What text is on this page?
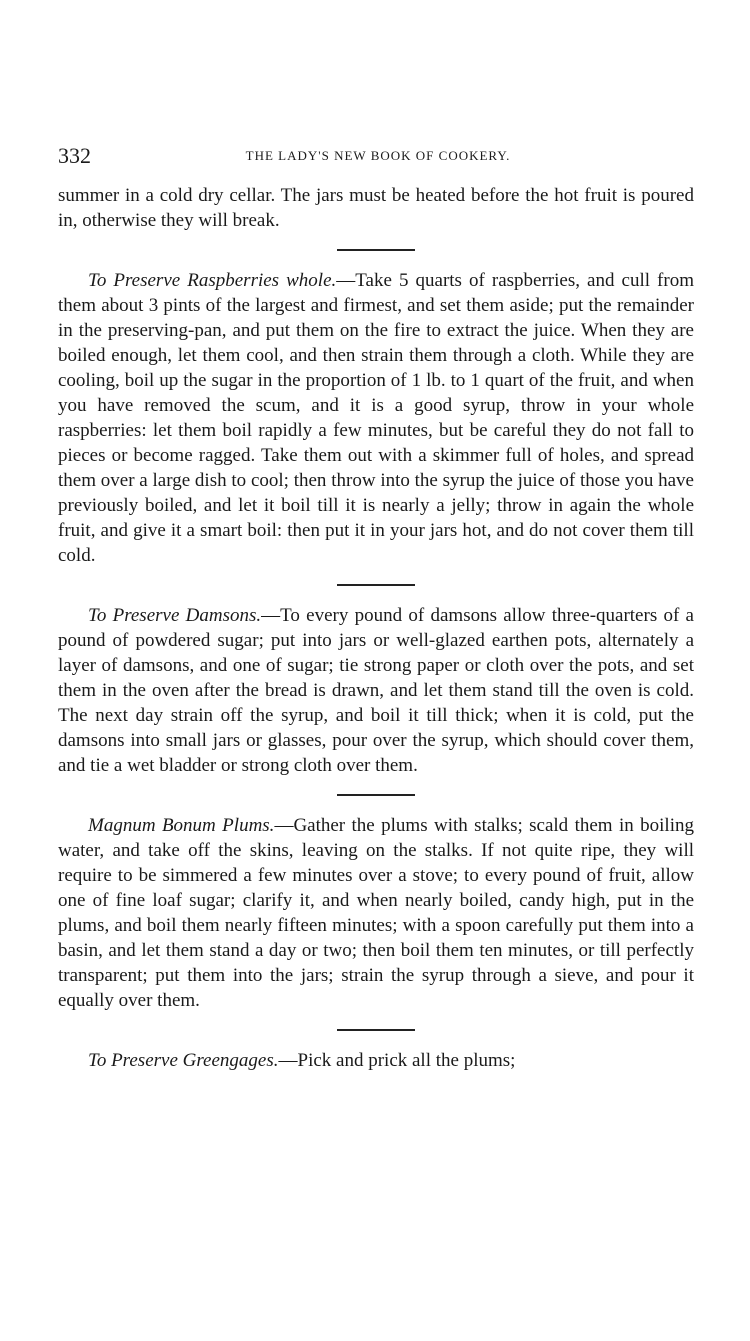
332	THE LADY'S NEW BOOK OF COOKERY.

summer in a cold dry cellar. The jars must be heated before the hot fruit is poured in, otherwise they will break.

To Preserve Raspberries whole.—Take 5 quarts of raspberries, and cull from them about 3 pints of the largest and firmest, and set them aside; put the remainder in the preserving-pan, and put them on the fire to extract the juice. When they are boiled enough, let them cool, and then strain them through a cloth. While they are cooling, boil up the sugar in the proportion of 1 lb. to 1 quart of the fruit, and when you have removed the scum, and it is a good syrup, throw in your whole raspberries: let them boil rapidly a few minutes, but be careful they do not fall to pieces or become ragged. Take them out with a skimmer full of holes, and spread them over a large dish to cool; then throw into the syrup the juice of those you have previously boiled, and let it boil till it is nearly a jelly; throw in again the whole fruit, and give it a smart boil: then put it in your jars hot, and do not cover them till cold.

To Preserve Damsons.—To every pound of damsons allow three-quarters of a pound of powdered sugar; put into jars or well-glazed earthen pots, alternately a layer of damsons, and one of sugar; tie strong paper or cloth over the pots, and set them in the oven after the bread is drawn, and let them stand till the oven is cold. The next day strain off the syrup, and boil it till thick; when it is cold, put the damsons into small jars or glasses, pour over the syrup, which should cover them, and tie a wet bladder or strong cloth over them.

Magnum Bonum Plums.—Gather the plums with stalks; scald them in boiling water, and take off the skins, leaving on the stalks. If not quite ripe, they will require to be simmered a few minutes over a stove; to every pound of fruit, allow one of fine loaf sugar; clarify it, and when nearly boiled, candy high, put in the plums, and boil them nearly fifteen minutes; with a spoon carefully put them into a basin, and let them stand a day or two; then boil them ten minutes, or till perfectly transparent; put them into the jars; strain the syrup through a sieve, and pour it equally over them.

To Preserve Greengages.—Pick and prick all the plums;
